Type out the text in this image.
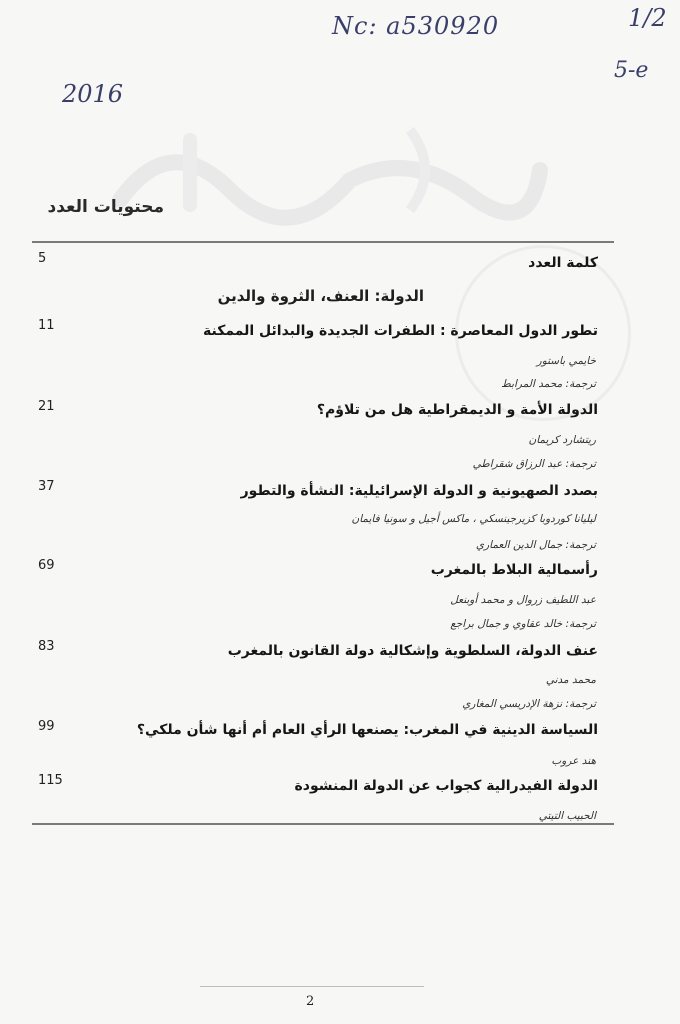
Nc: a530920	1/2
5-e
2016
محتويات العدد
5	كلمة العدد
الدولة: العنف، الثروة والدين
11	تطور الدول المعاصرة : الطفرات الجديدة والبدائل الممكنة
خايمي باستور
ترجمة: محمد المرابط
21	الدولة الأمة و الديمقراطية هل من تلاؤم؟
ريتشارد كريمان
ترجمة: عبد الرزاق شقراطي
37	بصدد الصهيونية و الدولة الإسرائيلية: النشأة والتطور
ليليانا كوردوبا كزيرجينسكي ، ماكس أجيل و سونيا فايمان
ترجمة: جمال الدين العماري
69	رأسمالية البلاط بالمغرب
عبد اللطيف زروال و محمد أوبنعل
ترجمة: خالد عقاوي و جمال براجع
83	عنف الدولة، السلطوية وإشكالية دولة القانون بالمغرب
محمد مدني
ترجمة: نزهة الإدريسي المغاري
99	السياسة الدينية في المغرب: يصنعها الرأي العام أم أنها شأن ملكي؟
هند عروب
115	الدولة الفيدرالية كجواب عن الدولة المنشودة
الحبيب التيتي
2
